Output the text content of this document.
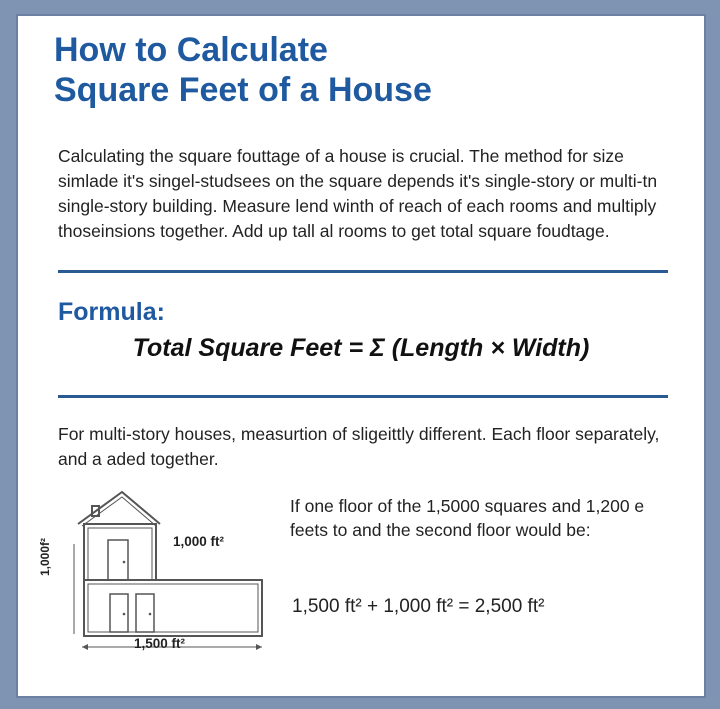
How to Calculate
Square Feet of a House

Calculating the square fouttage of a house is crucial. The method for size simlade it's singel-studsees on the square depends it's single-story or multi-tn single-story building. Measure lend winth of reach of each rooms and multiply thoseinsions together. Add up tall al rooms to get total square foudtage.

Formula:
Total Square Feet = Σ (Length × Width)

For multi-story houses, measurtion of sligeittly different. Each floor separately, and a aded together.

1,000 ft²
1,000f²
1,500 ft²

If one floor of the 1,5000 squares and 1,200 e feets to and the second floor would be:

1,500 ft² + 1,000 ft² = 2,500 ft²
